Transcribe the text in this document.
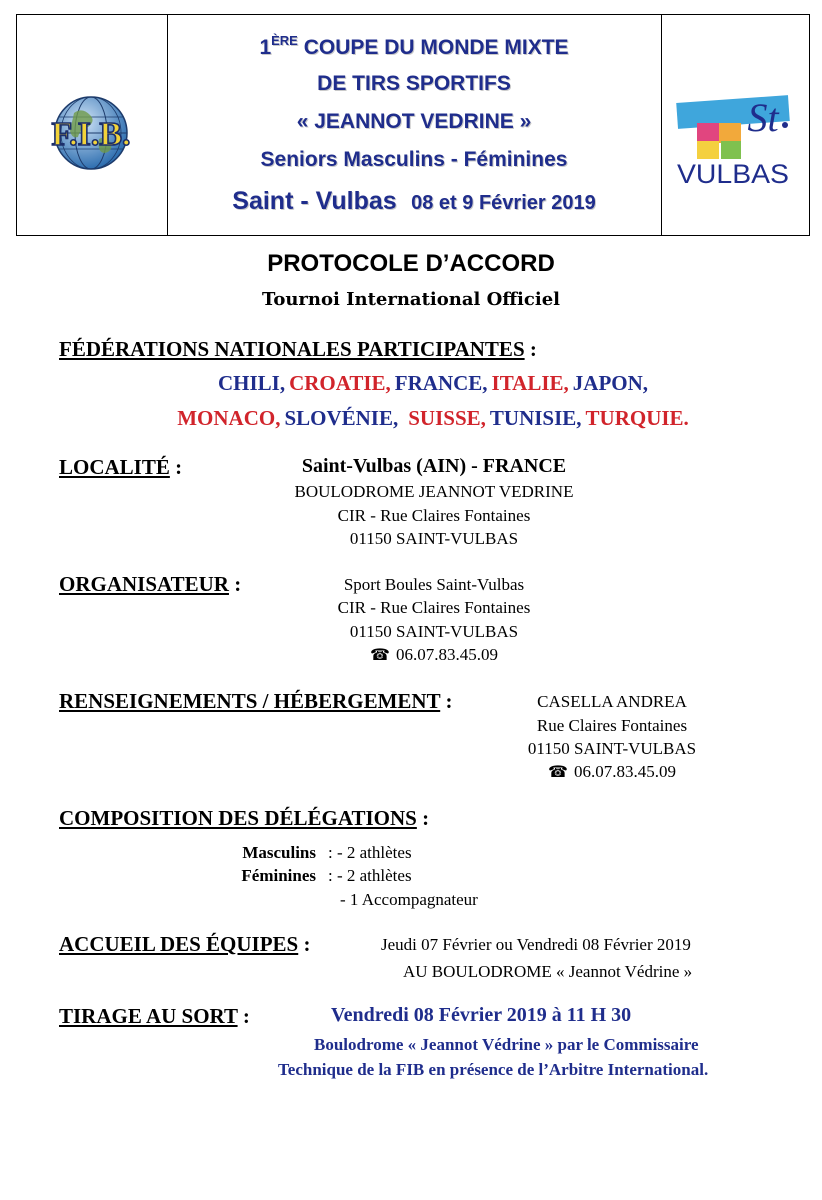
F.I.B.
1ÈRE COUPE DU MONDE MIXTE
DE TIRS SPORTIFS
« JEANNOT VEDRINE »
Seniors Masculins - Féminines
Saint - Vulbas 08 et 9 Février 2019
St
VULBAS
PROTOCOLE D’ACCORD
Tournoi International Officiel
FÉDÉRATIONS NATIONALES PARTICIPANTES :
CHILI, CROATIE, FRANCE, ITALIE, JAPON,
MONACO, SLOVÉNIE, SUISSE, TUNISIE, TURQUIE.
LOCALITÉ :	Saint-Vulbas (AIN) - FRANCE
BOULODROME JEANNOT VEDRINE
CIR - Rue Claires Fontaines
01150 SAINT-VULBAS
ORGANISATEUR :	Sport Boules Saint-Vulbas
CIR - Rue Claires Fontaines
01150 SAINT-VULBAS
☎ 06.07.83.45.09
RENSEIGNEMENTS / HÉBERGEMENT :	CASELLA ANDREA
Rue Claires Fontaines
01150 SAINT-VULBAS
☎ 06.07.83.45.09
COMPOSITION DES DÉLÉGATIONS :
Masculins : - 2 athlètes
Féminines : - 2 athlètes
- 1 Accompagnateur
ACCUEIL DES ÉQUIPES :	Jeudi 07 Février ou Vendredi 08 Février 2019
AU BOULODROME « Jeannot Védrine »
TIRAGE AU SORT :	Vendredi 08 Février 2019 à 11 H 30
Boulodrome « Jeannot Védrine » par le Commissaire
Technique de la FIB en présence de l’Arbitre International.
